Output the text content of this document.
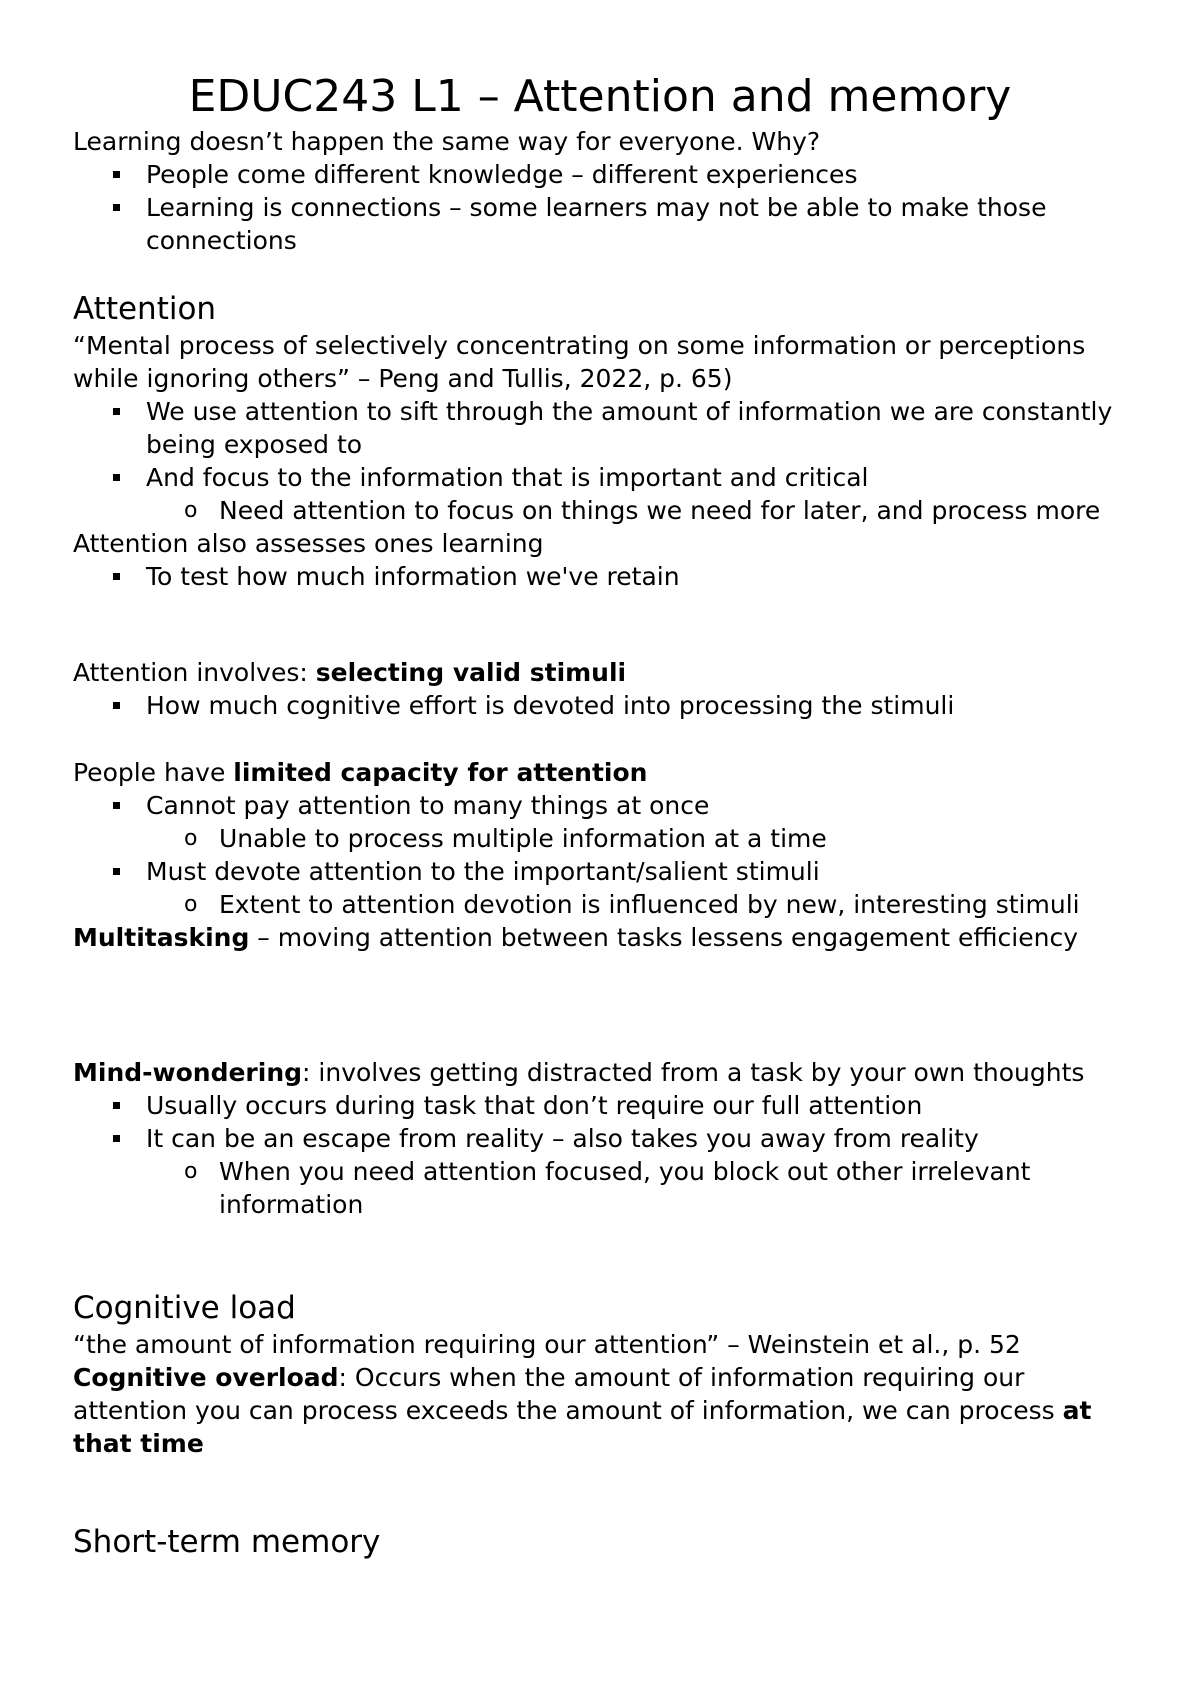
EDUC243 L1 – Attention and memory

Learning doesn’t happen the same way for everyone. Why?

People come different knowledge – different experiences
Learning is connections – some learners may not be able to make those connections
Attention

“Mental process of selectively concentrating on some information or perceptions while ignoring others” – Peng and Tullis, 2022, p. 65)

We use attention to sift through the amount of information we are constantly being exposed to
And focus to the information that is important and critical
o Need attention to focus on things we need for later, and process more

Attention also assesses ones learning

To test how much information we've retain

Attention involves: selecting valid stimuli

How much cognitive effort is devoted into processing the stimuli

People have limited capacity for attention

Cannot pay attention to many things at once
o Unable to process multiple information at a time
Must devote attention to the important/salient stimuli
o Extent to attention devotion is influenced by new, interesting stimuli

Multitasking – moving attention between tasks lessens engagement efficiency

Mind-wondering: involves getting distracted from a task by your own thoughts

Usually occurs during task that don’t require our full attention
It can be an escape from reality – also takes you away from reality
o When you need attention focused, you block out other irrelevant information
Cognitive load

“the amount of information requiring our attention” – Weinstein et al., p. 52

Cognitive overload: Occurs when the amount of information requiring our attention you can process exceeds the amount of information, we can process at that time

Short-term memory
